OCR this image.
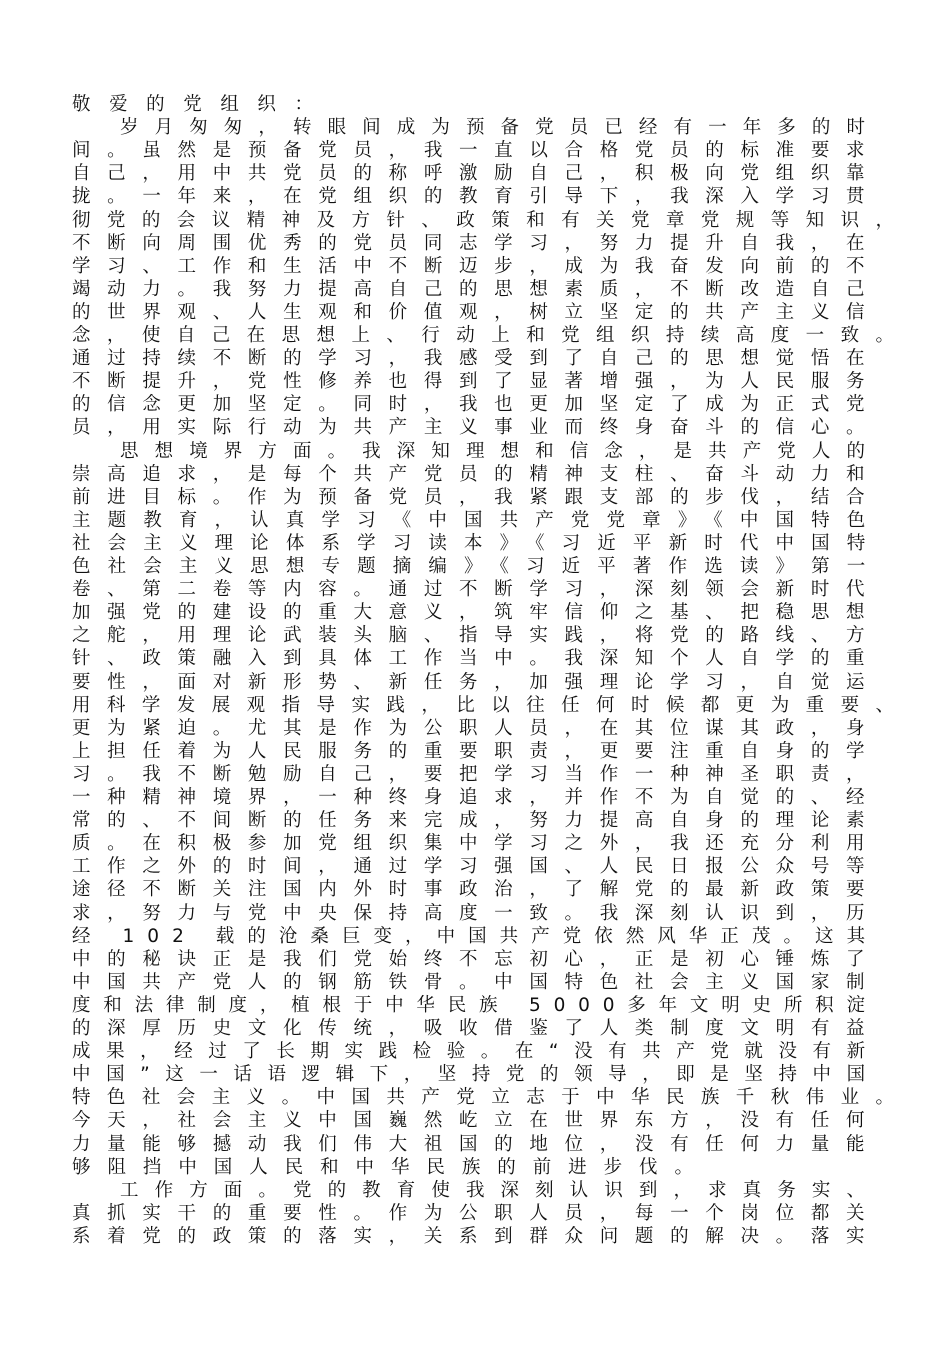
敬爱的党组织：
岁月匆匆，转眼间成为预备党员已经有一年多的时
间。虽然是预备党员，我一直以合格党员的标准要求
自己，用中共党员的称呼激励自己，积极向党组织靠
拢。一年来，在党组织的教育引导下，我深入学习贯
彻党的会议精神及方针、政策和有关党章党规等知识，
不断向周围优秀的党员同志学习，努力提升自我，在
学习、工作和生活中不断迈步，成为我奋发向前的不
竭动力。我努力提高自己的思想素质，不断改造自己
的世界观、人生观和价值观，树立坚定的共产主义信
念，使自己在思想上、行动上和党组织持续高度一致。
通过持续不断的学习，我感受到了自己的思想觉悟在
不断提升，党性修养也得到了显著增强，为人民服务
的信念更加坚定。同时，我也更加坚定了成为正式党
员，用实际行动为共产主义事业而终身奋斗的信心。
思想境界方面。我深知理想和信念，是共产党人的
崇高追求，是每个共产党员的精神支柱、奋斗动力和
前进目标。作为预备党员，我紧跟支部的步伐，结合
主题教育，认真学习《中国共产党党章》《中国特色
社会主义理论体系学习读本》《习近平新时代中国特
色社会主义思想专题摘编》《习近平著作选读》第一
卷、第二卷等内容。通过不断学习，深刻领会新时代
加强党的建设的重大意义，筑牢信仰之基、把稳思想
之舵，用理论武装头脑、指导实践，将党的路线、方
针、政策融入到具体工作当中。我深知个人自学的重
要性，面对新形势、新任务，加强理论学习，自觉运
用科学发展观指导实践，比以往任何时候都更为重要、
更为紧迫。尤其是作为公职人员，在其位谋其政，身
上担任着为人民服务的重要职责，更要注重自身的学
习。我不断勉励自己，要把学习当作一种神圣职责，
一种精神境界，一种终身追求，并作不为自觉的、经
常的、不间断的任务来完成，努力提高自身的理论素
质。在积极参加党组织集中学习之外，我还充分利用
工作之外的时间，通过学习强国、人民日报公众号等
途径不断关注国内外时事政治，了解党的最新政策要
求，努力与党中央保持高度一致。我深刻认识到，历
经 102 载的沧桑巨变，中国共产党依然风华正茂。这其
中的秘诀正是我们党始终不忘初心，正是初心锤炼了
中国共产党人的钢筋铁骨。中国特色社会主义国家制
度和法律制度，植根于中华民族 5000多年文明史所积淀
的深厚历史文化传统，吸收借鉴了人类制度文明有益
成果，经过了长期实践检验。在“没有共产党就没有新
中国”这一话语逻辑下，坚持党的领导，即是坚持中国
特色社会主义。中国共产党立志于中华民族千秋伟业。
今天，社会主义中国巍然屹立在世界东方，没有任何
力量能够撼动我们伟大祖国的地位，没有任何力量能
够阻挡中国人民和中华民族的前进步伐。
工作方面。党的教育使我深刻认识到，求真务实、
真抓实干的重要性。作为公职人员，每一个岗位都关
系着党的政策的落实，关系到群众问题的解决。落实
